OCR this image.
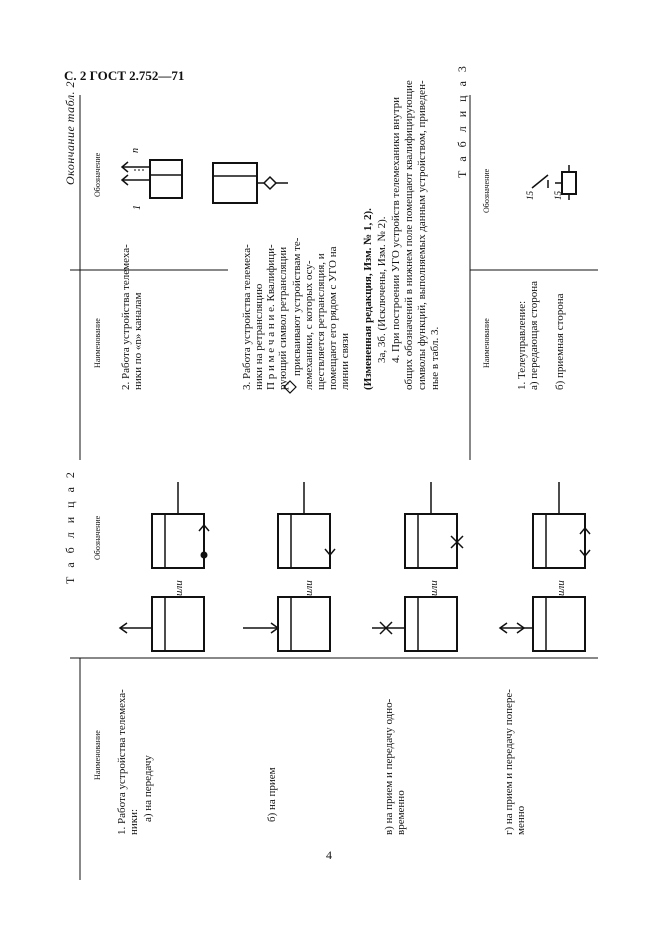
С. 2 ГОСТ 2.752—71
4
Т а б л и ц а 2
Наименование
Обозначение
1. Работа устройства телемеха- ники: а) на передачу	б) на прием	в) на прием и передачу одно- временно	г) на прием и передачу попере- менно
или	или	или	или
Окончание табл. 2
Наименование
Обозначение
2. Работа устройства телемеха- ники по «n» каналам	3. Работа устройства телемеха- ники на ретрансляцию П р и м е ч а н и е. Квалифици- рующий символ ретрансляции присваивают устройствам те- лемеханики, с которых осу- ществляется ретрансляция, и помещают его рядом с УГО на линии связи (Измененная редакция, Изм. № 1, 2). 3а, 3б. (Исключены, Изм. № 2). 4. При построении УГО устройств телемеханики внутри общих обозначений в нижнем поле помещают квалифицирующие символы функций, выполняемых данным устройством, приведен- ные в табл. 3.
Т а б л и ц а 3
Наименование
Обозначение
1. Телеуправление: а) передающая сторона б) приемная сторона
n
1
15 15
